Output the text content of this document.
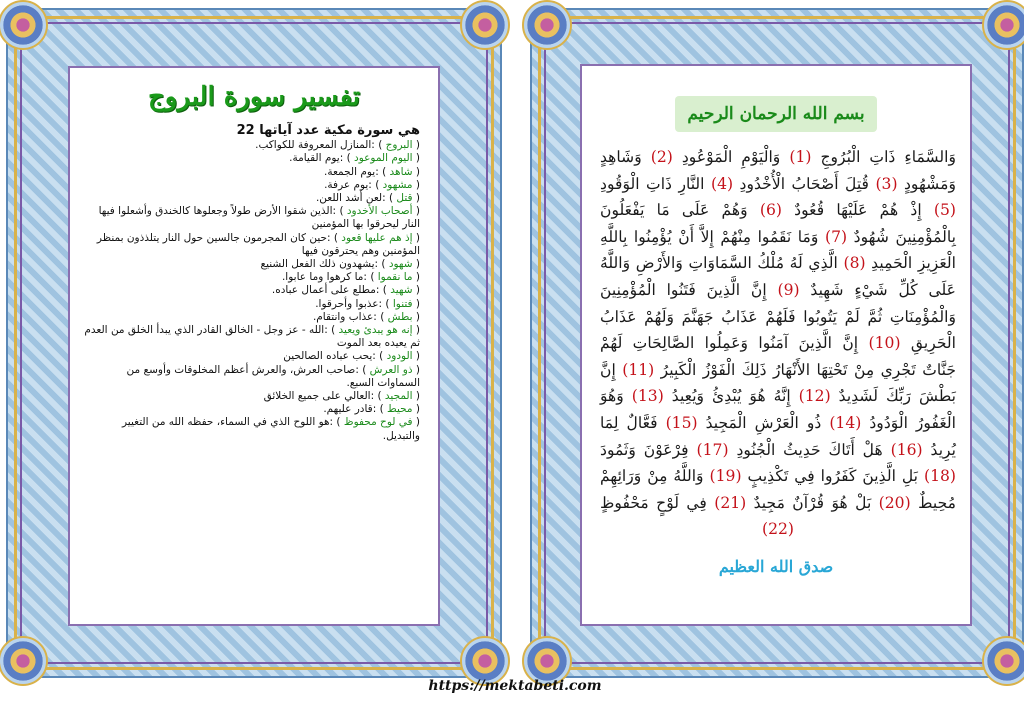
تفسير سورة البروج
هي سورة مكية عدد آياتها 22
( البروج ) :المنازل المعروفة للكواكب.
( اليوم الموعود ) :يوم القيامة.
( شاهد ) :يوم الجمعة.
( مشهود ) :يوم عرفة.
( قتل ) :لعن أشد اللعن.
( أصحاب الأخدود ) :الذين شقوا الأرض طولاً وجعلوها كالخندق وأشعلوا فيها النار ليحرقوا بها المؤمنين
( إذ هم عليها قعود ) :حين كان المجرمون جالسين حول النار يتلذذون بمنظر المؤمنين وهم يحترقون فيها
( شهود ) :يشهدون ذلك الفعل الشنيع
( ما نقموا ) :ما كرهوا وما عابوا.
( شهيد ) :مطلع على أعمال عباده.
( فتنوا ) :عذبوا وأحرقوا.
( بطش ) :عذاب وانتقام.
( إنه هو يبدئ ويعيد ) :الله - عز وجل - الخالق القادر الذي يبدأ الخلق من العدم ثم يعيده بعد الموت
( الودود ) :يحب عباده الصالحين
( ذو العرش ) :صاحب العرش، والعرش أعظم المخلوقات وأوسع من السماوات السبع.
( المجيد ) :العالي على جميع الخلائق
( محيط ) :قادر عليهم.
( في لوح محفوظ ) :هو اللوح الذي في السماء، حفظه الله من التغيير والتبديل.
بسم الله الرحمان الرحيم
وَالسَّمَاءِ ذَاتِ الْبُرُوجِ (1) وَالْيَوْمِ الْمَوْعُودِ (2) وَشَاهِدٍ وَمَشْهُودٍ (3) قُتِلَ أَصْحَابُ الْأُخْدُودِ (4) النَّارِ ذَاتِ الْوَقُودِ (5) إِذْ هُمْ عَلَيْهَا قُعُودٌ (6) وَهُمْ عَلَى مَا يَفْعَلُونَ بِالْمُؤْمِنِينَ شُهُودٌ (7) وَمَا نَقَمُوا مِنْهُمْ إِلاَّ أَنْ يُؤْمِنُوا بِاللَّهِ الْعَزِيزِ الْحَمِيدِ (8) الَّذِي لَهُ مُلْكُ السَّمَاوَاتِ وَالأَرْضِ وَاللَّهُ عَلَى كُلِّ شَيْءٍ شَهِيدٌ (9) إِنَّ الَّذِينَ فَتَنُوا الْمُؤْمِنِينَ وَالْمُؤْمِنَاتِ ثُمَّ لَمْ يَتُوبُوا فَلَهُمْ عَذَابُ جَهَنَّمَ وَلَهُمْ عَذَابُ الْحَرِيقِ (10) إِنَّ الَّذِينَ آمَنُوا وَعَمِلُوا الصَّالِحَاتِ لَهُمْ جَنَّاتٌ تَجْرِي مِنْ تَحْتِهَا الأَنْهَارُ ذَلِكَ الْفَوْزُ الْكَبِيرُ (11) إِنَّ بَطْشَ رَبِّكَ لَشَدِيدٌ (12) إِنَّهُ هُوَ يُبْدِئُ وَيُعِيدُ (13) وَهُوَ الْغَفُورُ الْوَدُودُ (14) ذُو الْعَرْشِ الْمَجِيدُ (15) فَعَّالٌ لِمَا يُرِيدُ (16) هَلْ أَتَاكَ حَدِيثُ الْجُنُودِ (17) فِرْعَوْنَ وَثَمُودَ (18) بَلِ الَّذِينَ كَفَرُوا فِي تَكْذِيبٍ (19) وَاللَّهُ مِنْ وَرَائِهِمْ مُحِيطٌ (20) بَلْ هُوَ قُرْآنٌ مَجِيدٌ (21) فِي لَوْحٍ مَحْفُوظٍ (22)
صدق الله العظيم
https://mektabeti.com
